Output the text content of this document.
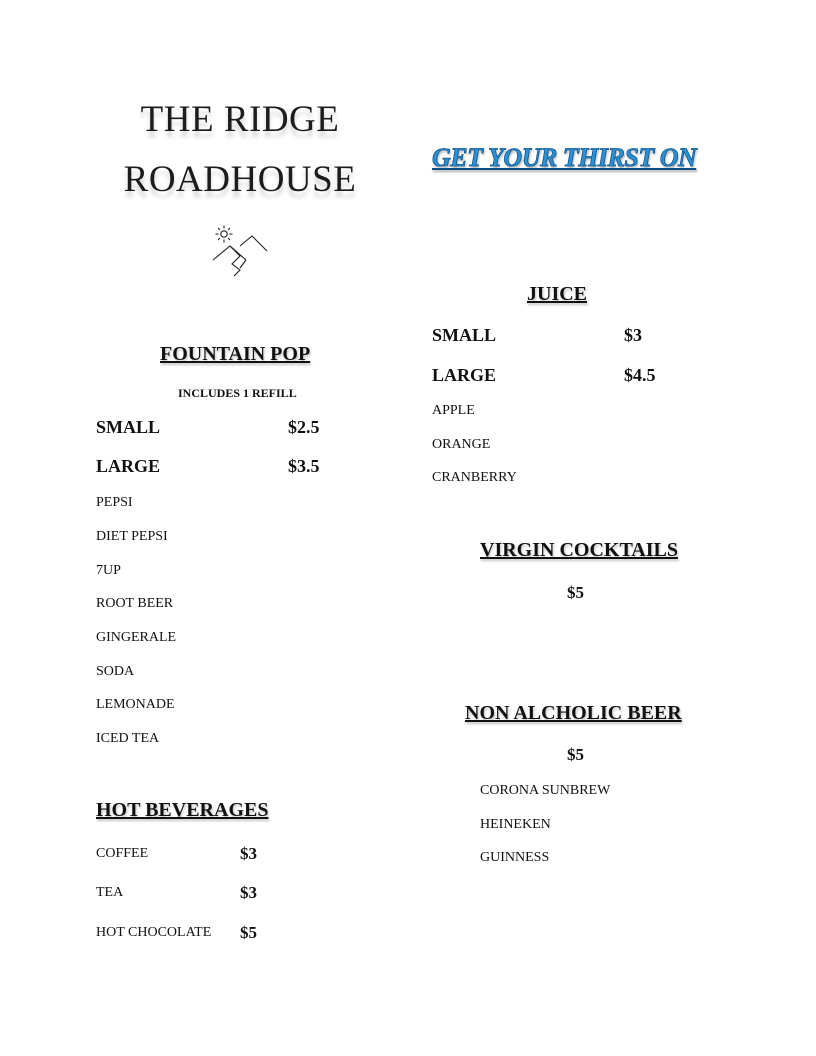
THE RIDGE
ROADHOUSE
GET YOUR THIRST ON
FOUNTAIN POP
INCLUDES 1 REFILL
SMALL	$2.5
LARGE	$3.5
PEPSI
DIET PEPSI
7UP
ROOT BEER
GINGERALE
SODA
LEMONADE
ICED TEA
HOT BEVERAGES
COFFEE	$3
TEA	$3
HOT CHOCOLATE $5
JUICE
SMALL	$3
LARGE	$4.5
APPLE
ORANGE
CRANBERRY
VIRGIN COCKTAILS
$5
NON ALCHOLIC BEER
$5
CORONA SUNBREW
HEINEKEN
GUINNESS
